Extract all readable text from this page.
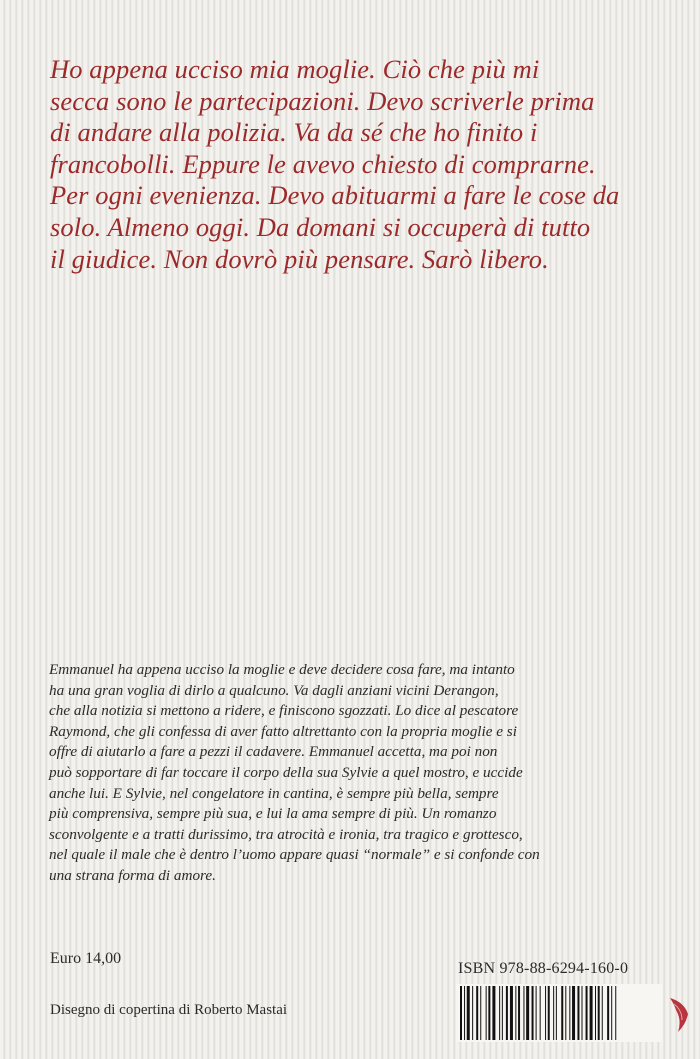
Ho appena ucciso mia moglie. Ciò che più mi
secca sono le partecipazioni. Devo scriverle prima
di andare alla polizia. Va da sé che ho finito i
francobolli. Eppure le avevo chiesto di comprarne.
Per ogni evenienza. Devo abituarmi a fare le cose da
solo. Almeno oggi. Da domani si occuperà di tutto
il giudice. Non dovrò più pensare. Sarò libero.
Emmanuel ha appena ucciso la moglie e deve decidere cosa fare, ma intanto
ha una gran voglia di dirlo a qualcuno. Va dagli anziani vicini Derangon,
che alla notizia si mettono a ridere, e finiscono sgozzati. Lo dice al pescatore
Raymond, che gli confessa di aver fatto altrettanto con la propria moglie e si
offre di aiutarlo a fare a pezzi il cadavere. Emmanuel accetta, ma poi non
può sopportare di far toccare il corpo della sua Sylvie a quel mostro, e uccide
anche lui. E Sylvie, nel congelatore in cantina, è sempre più bella, sempre
più comprensiva, sempre più sua, e lui la ama sempre di più. Un romanzo
sconvolgente e a tratti durissimo, tra atrocità e ironia, tra tragico e grottesco,
nel quale il male che è dentro l’uomo appare quasi “normale” e si confonde con
una strana forma di amore.
Euro 14,00
Disegno di copertina di Roberto Mastai
ISBN 978-88-6294-160-0
